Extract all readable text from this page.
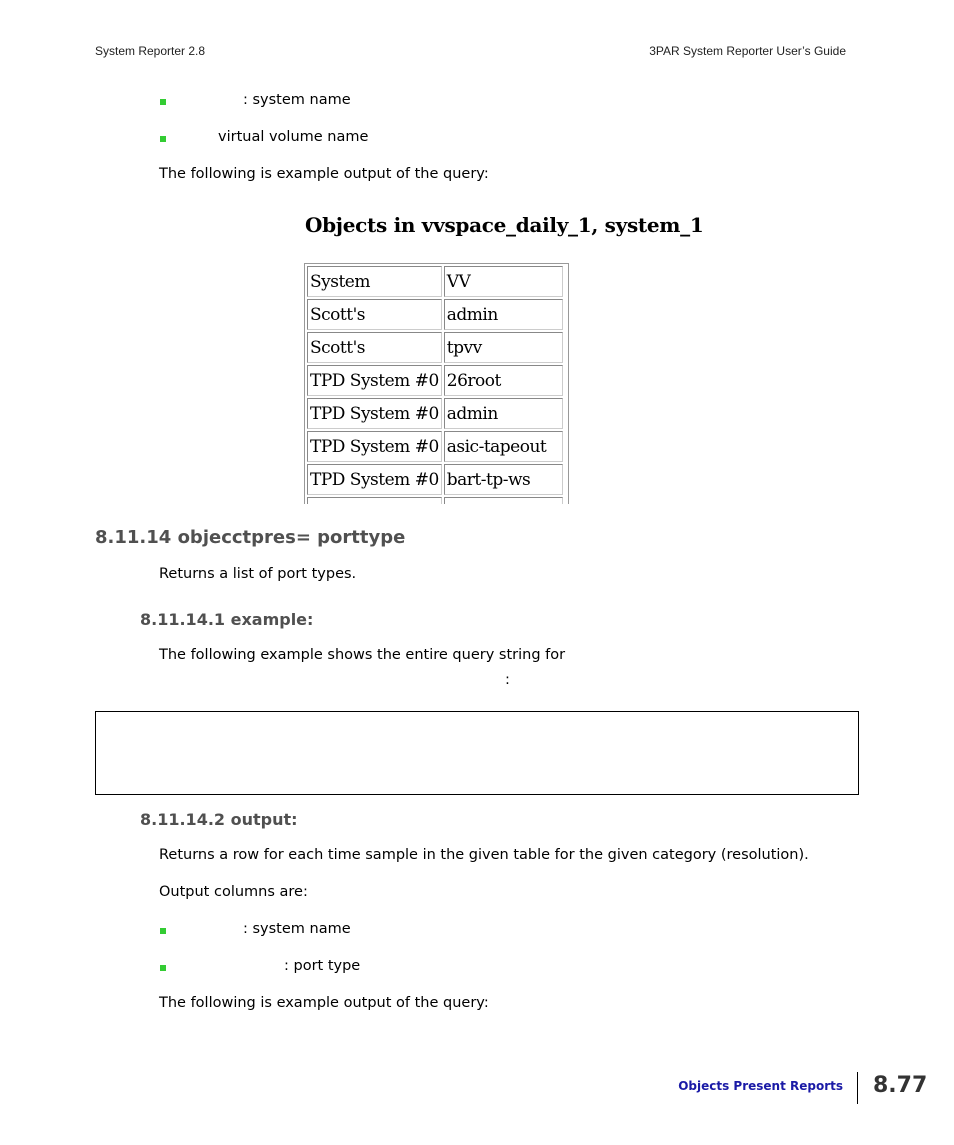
System Reporter 2.8	3PAR System Reporter User’s Guide
: system name
virtual volume name
The following is example output of the query:
Objects in vvspace_daily_1, system_1
System	VV
Scott's	admin
Scott's	tpvv
TPD System #0	26root
TPD System #0	admin
TPD System #0	asic-tapeout
TPD System #0	bart-tp-ws

8.11.14 objecctpres= porttype
Returns a list of port types.
8.11.14.1 example:
The following example shows the entire query string for
:
8.11.14.2 output:
Returns a row for each time sample in the given table for the given category (resolution).
Output columns are:
: system name
: port type
The following is example output of the query:
Objects Present Reports 8.77
